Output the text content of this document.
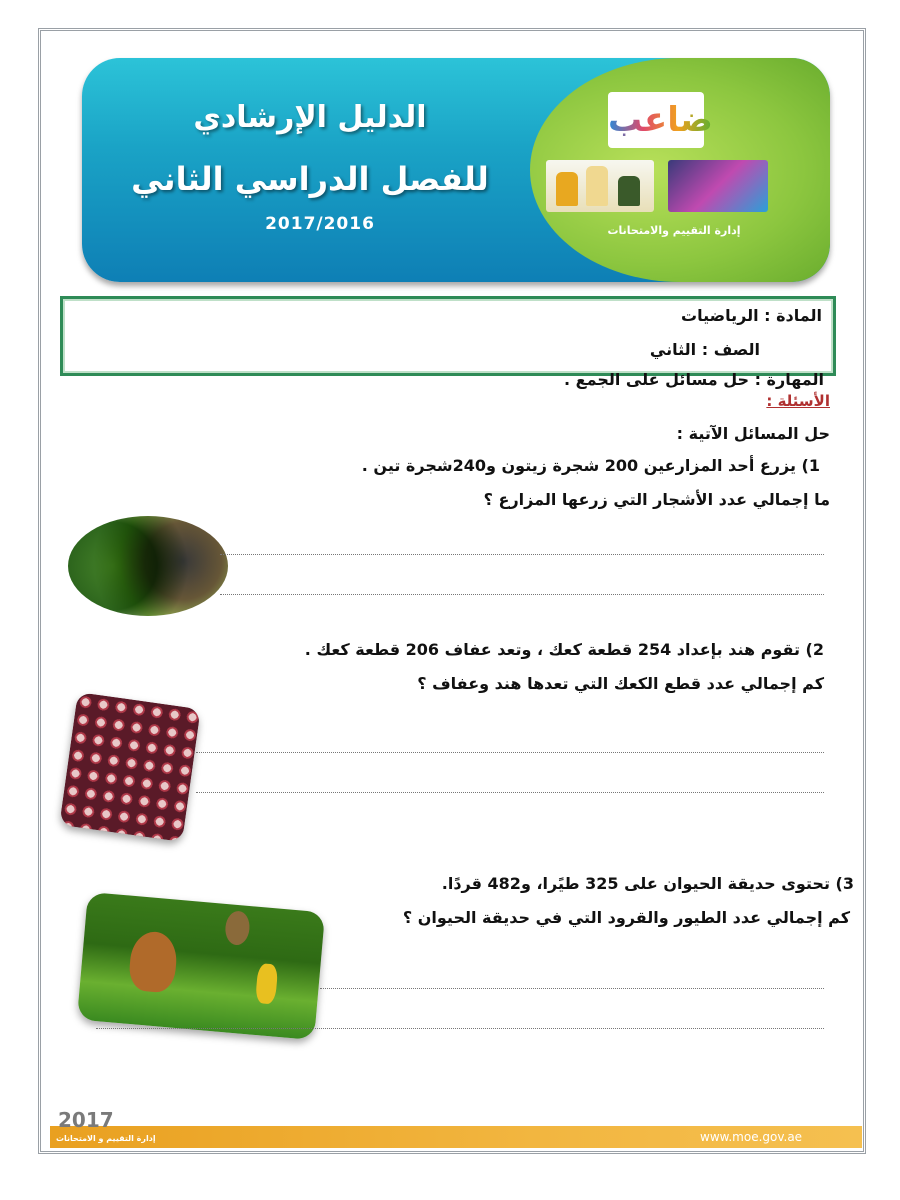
الدليل الإرشادي
للفصل الدراسي الثاني
2017/2016
ضاعب
إدارة التقييم والامتحانات
المادة : الرياضيات
الصف : الثاني
المهارة : حل مسائل على الجمع .
الأسئلة :
حل المسائل الآتية :
1) يزرع أحد المزارعين 200 شجرة زيتون و240شجرة تين .
ما إجمالي عدد الأشجار التي زرعها المزارع ؟
2) تقوم هند بإعداد 254 قطعة كعك ، وتعد عفاف 206 قطعة كعك .
كم إجمالي عدد قطع الكعك التي تعدها هند وعفاف ؟
3) تحتوى حديقة الحيوان على 325 طيًرا، و482 قردًا.
كم إجمالي عدد الطيور والقرود التي في حديقة الحيوان ؟
2017
إدارة التقييم و الامتحانات	www.moe.gov.ae
